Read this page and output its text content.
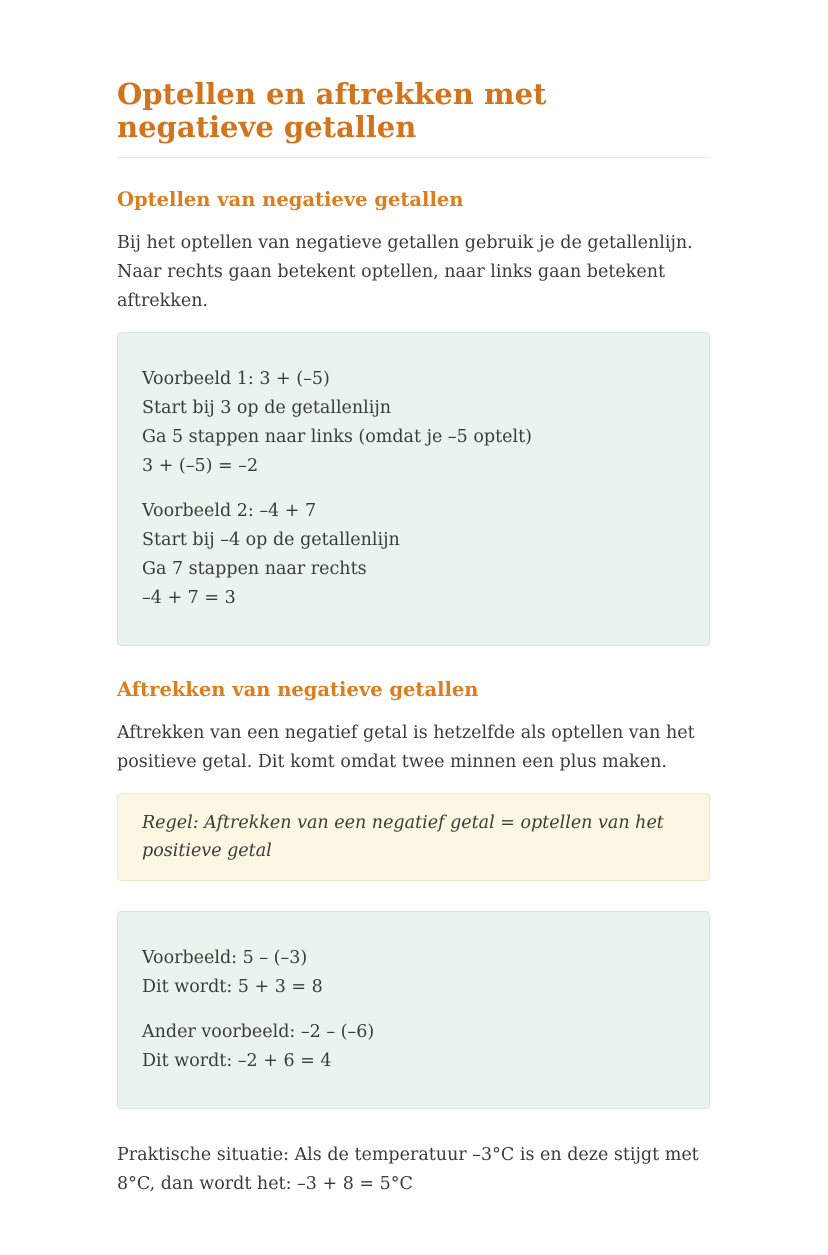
Optellen en aftrekken met negatieve getallen
Optellen van negatieve getallen

Bij het optellen van negatieve getallen gebruik je de getallenlijn. Naar rechts gaan betekent optellen, naar links gaan betekent aftrekken.

Voorbeeld 1: 3 + (–5)
Start bij 3 op de getallenlijn
Ga 5 stappen naar links (omdat je –5 optelt)
3 + (–5) = –2
Voorbeeld 2: –4 + 7
Start bij –4 op de getallenlijn
Ga 7 stappen naar rechts
–4 + 7 = 3
Aftrekken van negatieve getallen

Aftrekken van een negatief getal is hetzelfde als optellen van het positieve getal. Dit komt omdat twee minnen een plus maken.

Regel: Aftrekken van een negatief getal = optellen van het positieve getal
Voorbeeld: 5 – (–3)
Dit wordt: 5 + 3 = 8
Ander voorbeeld: –2 – (–6)
Dit wordt: –2 + 6 = 4

Praktische situatie: Als de temperatuur –3°C is en deze stijgt met 8°C, dan wordt het: –3 + 8 = 5°C
